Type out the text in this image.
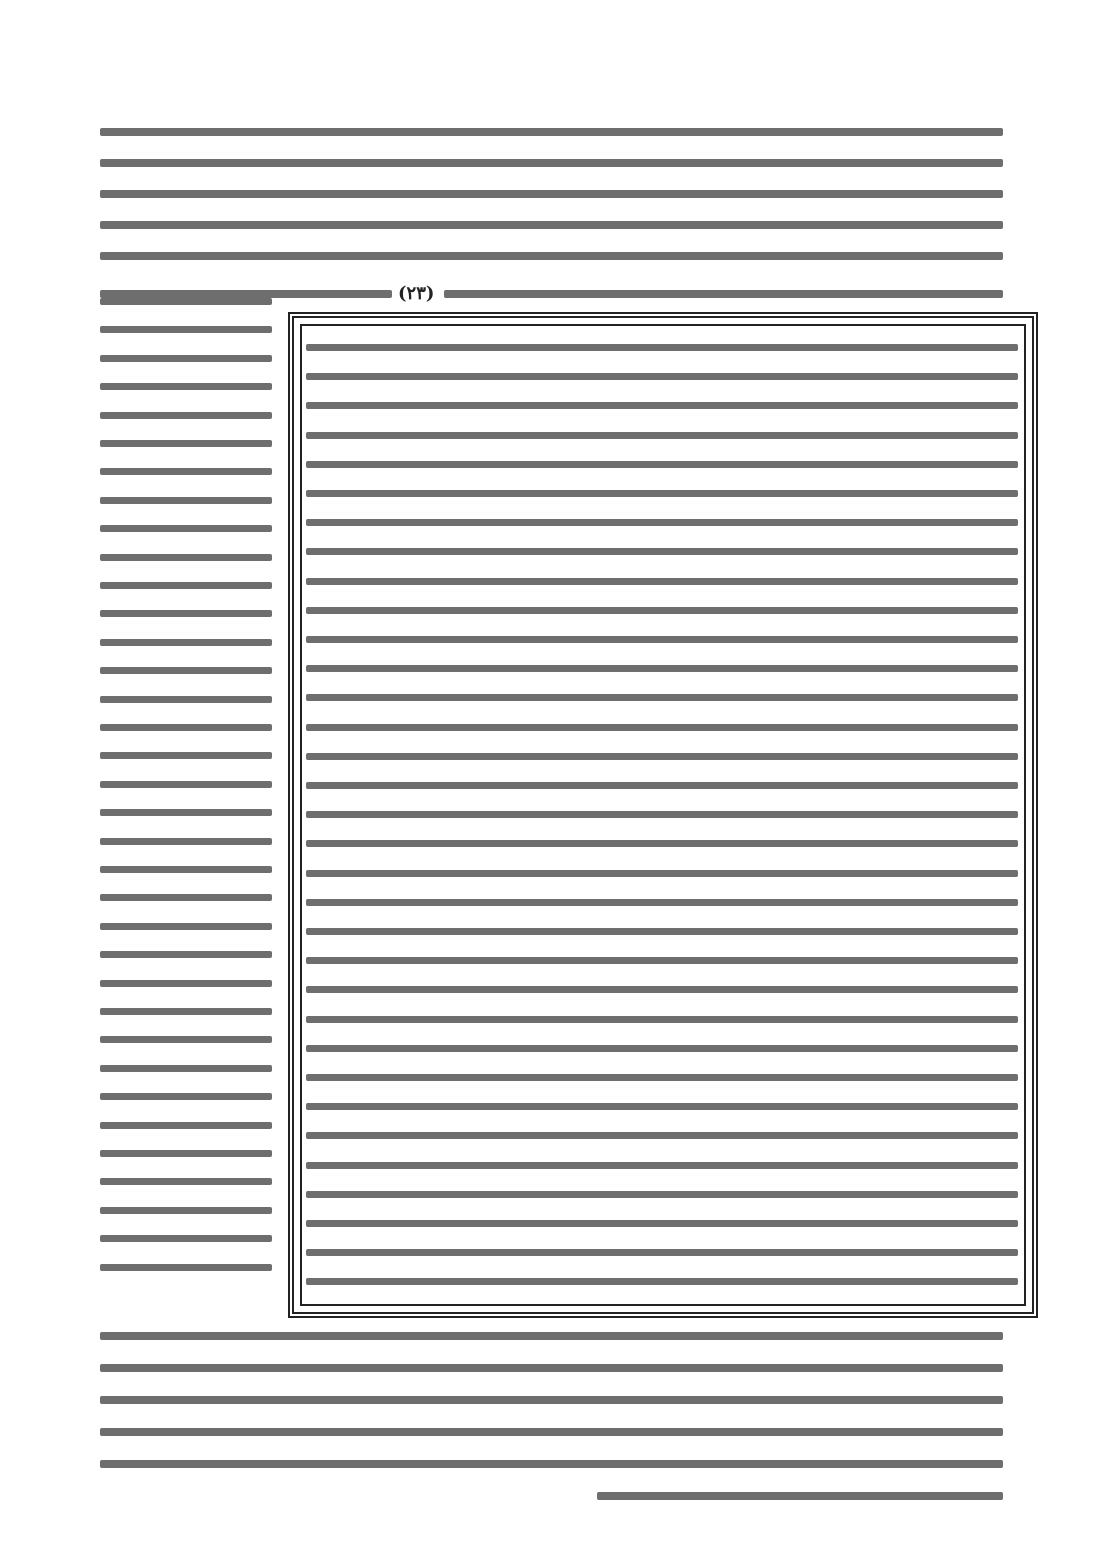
(٢٣)
